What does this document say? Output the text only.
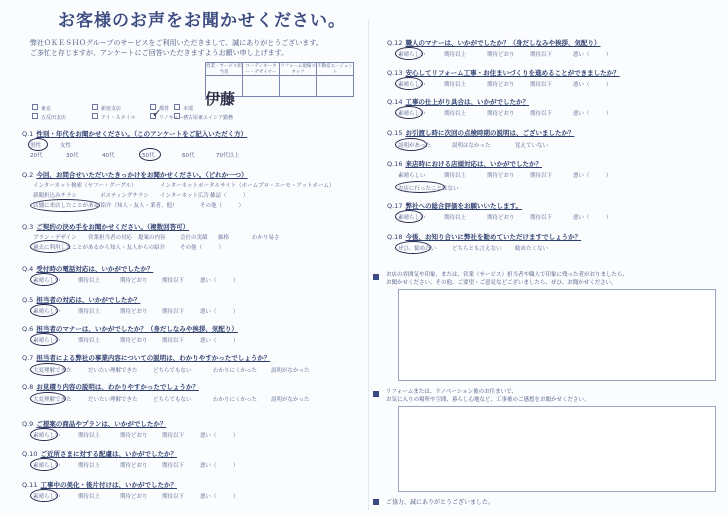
お客様のお声をお聞かせください。
弊社ＯＫＥＳＨＯグループのサービスをご利用いただきまして、誠にありがとうございます。
ご多忙と存じますが、アンケートにご回答いただきますようお願い申し上げます。
営業・サービス担当者	コーディネーター・デザイナー	リフォーム現場スタッフ	不動産エージェント

伊藤
東京
五反田支店
新宿支店
アイ・スタイル
都営
リノキューブ
本部
名古屋東エイシア勤務
✓
Q.1 性別・年代をお聞かせください。（このアンケートをご記入いただく方）
男性	女性
20代	30代	40代	50代	60代	70代以上
Q.2 今回、お問合せいただいたきっかけをお聞かせください。（どれか一つ）
インターネット検索（ヤフー・グーグル）	インターネットポータルサイト（ホームプロ・スーモ・アットホーム）
新聞折込みチラシ	ポスティングチラシ インターネット広告 雑誌（　　　）
店舗に来店したことがある
ご紹介（知人・友人・業者、他）	その他（　　　）
Q.3 ご契約の決め手をお聞かせください。（複数回答可）
プラン・デザイン 営業担当者の対応 提案の内容	会社の実績 価格	わかり易さ
過去に利用したことがあるから 知人・友人からの紹介	その他（　　　）
Q.4 受付時の電話対応は、いかがでしたか？
素晴らしい	期待以上	期待どおり	期待以下	悪い（　　　）
Q.5 担当者の対応は、いかがでしたか？
素晴らしい	期待以上	期待どおり	期待以下	悪い（　　　）
Q.6 担当者のマナーは、いかがでしたか？（身だしなみや挨拶、気配り）
素晴らしい	期待以上	期待どおり	期待以下	悪い（　　　）
Q.7 担当者による弊社の事業内容についての説明は、わかりやすかったでしょうか？
大変理解できた	だいたい理解できた	どちらでもない	わかりにくかった	説明がなかった
Q.8 お見積り内容の説明は、わかりやすかったでしょうか？
大変理解できた	だいたい理解できた	どちらでもない	わかりにくかった	説明がなかった
Q.9 ご提案の商品やプランは、いかがでしたか？
素晴らしい	期待以上	期待どおり	期待以下	悪い（　　　）
Q.10 ご近所さまに対する配慮は、いかがでしたか？
素晴らしい	期待以上	期待どおり	期待以下	悪い（　　　）
Q.11 工事中の美化・後片付けは、いかがでしたか？
素晴らしい	期待以上	期待どおり	期待以下	悪い（　　　）
Q.12 職人のマナーは、いかがでしたか？（身だしなみや挨拶、気配り）
素晴らしい	期待以上	期待どおり	期待以下	悪い（　　　）
Q.13 安心してリフォーム工事・お住まいづくりを進めることができましたか？
素晴らしい	期待以上	期待どおり	期待以下	悪い（　　　）
Q.14 工事の仕上がり具合は、いかがでしたか？
素晴らしい	期待以上	期待どおり	期待以下	悪い（　　　）
Q.15 お引渡し時に次回の点検時期の説明は、ございましたか？
説明があった	説明はなかった	覚えていない
Q.16 来店時における店頭対応は、いかがでしたか？
素晴らしい	期待以上	期待どおり	期待以下	悪い（　　　）
お店に行ったことはない
Q.17 弊社への総合評価をお願いいたします。
素晴らしい	期待以上	期待どおり	期待以下	悪い（　　　）
Q.18 今後、お知り合いに弊社を勧めていただけますでしょうか？
ぜひ、勧めたい	どちらとも言えない 勧めたくない
お店の雰囲気や印象、または、営業（サービス）担当者や職人で印象に残った者がおりましたら、
お聞かせください。その他、ご要望・ご意見などございましたら、ぜひ、お聞かせください。
リフォームまたは、リノベーション後のお住まいで、
お気に入りの場所や空間、暮らし心地など、工事後のご感想をお聞かせください。
ご協力、誠にありがとうございました。
